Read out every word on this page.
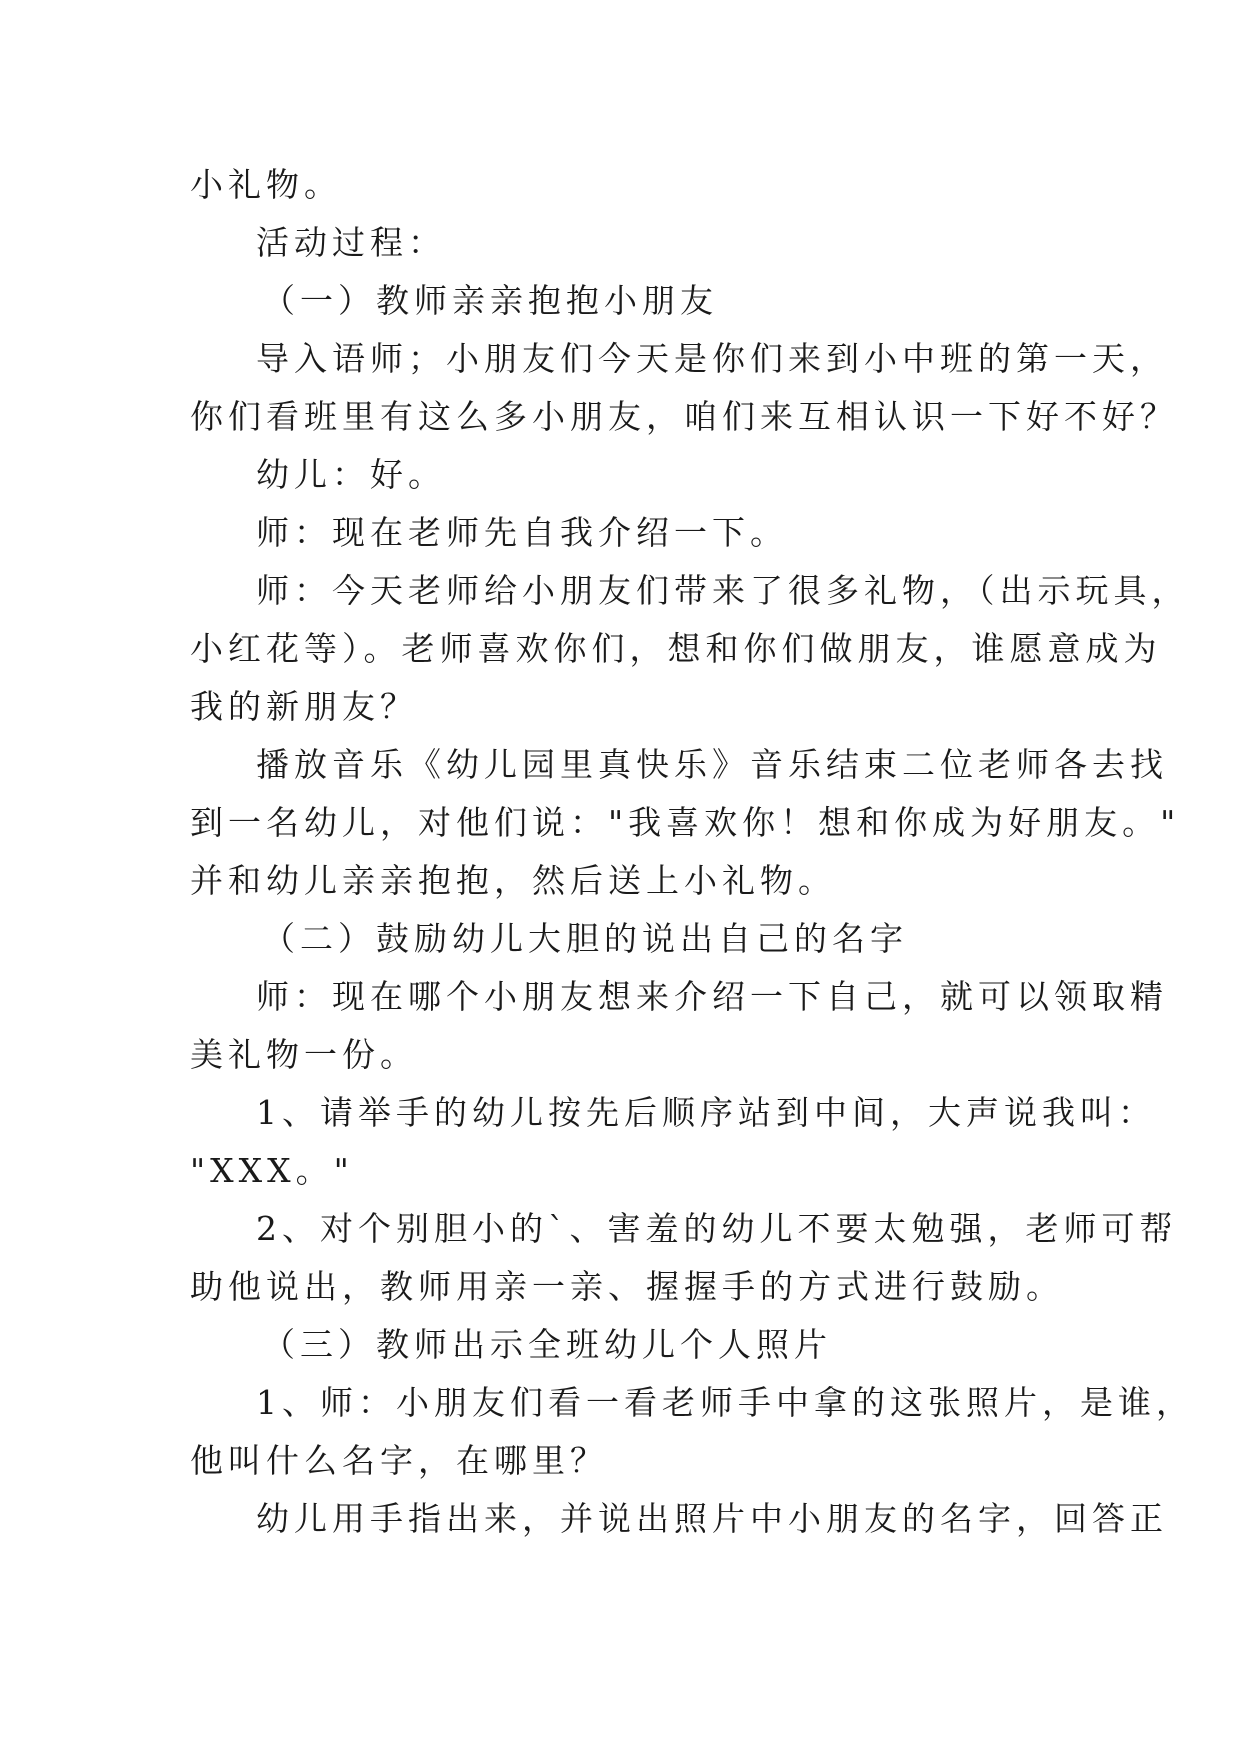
小礼物。

活动过程：

（一）教师亲亲抱抱小朋友

导入语师；小朋友们今天是你们来到小中班的第一天，

你们看班里有这么多小朋友，咱们来互相认识一下好不好？

幼儿：好。

师：现在老师先自我介绍一下。

师：今天老师给小朋友们带来了很多礼物，（出示玩具，

小红花等）。老师喜欢你们，想和你们做朋友，谁愿意成为

我的新朋友？

播放音乐《幼儿园里真快乐》音乐结束二位老师各去找

到一名幼儿，对他们说："我喜欢你！想和你成为好朋友。"

并和幼儿亲亲抱抱，然后送上小礼物。

（二）鼓励幼儿大胆的说出自己的名字

师：现在哪个小朋友想来介绍一下自己，就可以领取精

美礼物一份。

1、请举手的幼儿按先后顺序站到中间，大声说我叫：

"XXX。"

2、对个别胆小的`、害羞的幼儿不要太勉强，老师可帮

助他说出，教师用亲一亲、握握手的方式进行鼓励。

（三）教师出示全班幼儿个人照片

1、师：小朋友们看一看老师手中拿的这张照片，是谁，

他叫什么名字，在哪里？

幼儿用手指出来，并说出照片中小朋友的名字，回答正
